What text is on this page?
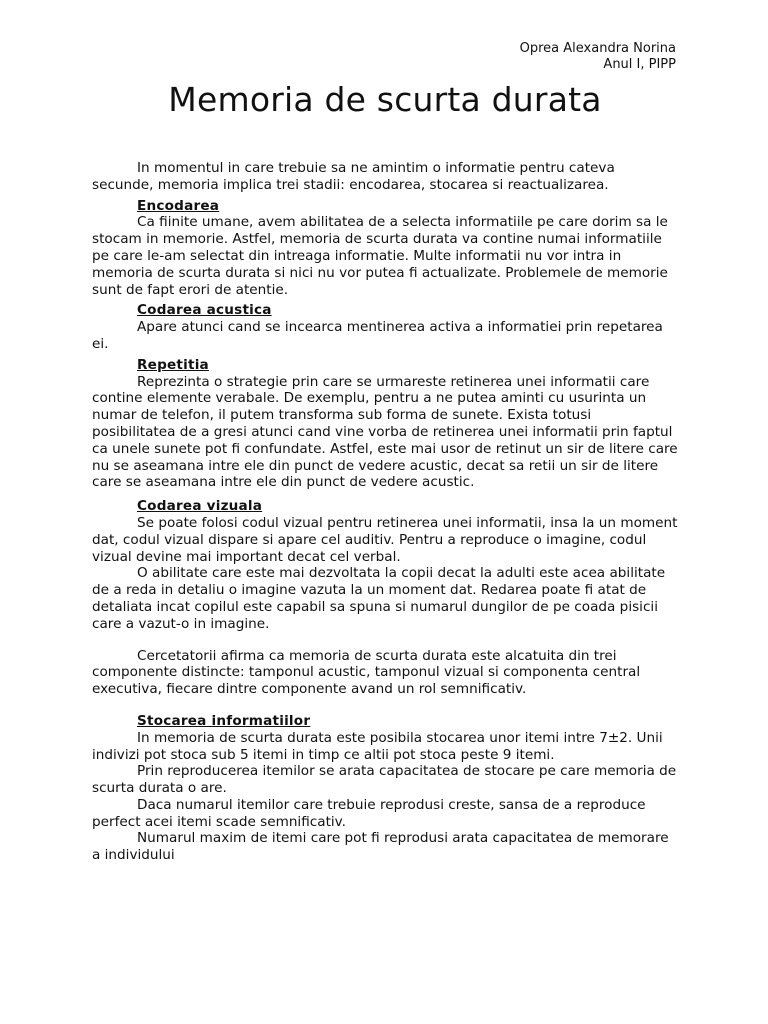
Oprea Alexandra Norina
Anul I, PIPP
Memoria de scurta durata

In momentul in care trebuie sa ne amintim o informatie pentru cateva secunde, memoria implica trei stadii: encodarea, stocarea si reactualizarea.

Encodarea

Ca fiinite umane, avem abilitatea de a selecta informatiile pe care dorim sa le stocam in memorie. Astfel, memoria de scurta durata va contine numai informatiile pe care le-am selectat din intreaga informatie. Multe informatii nu vor intra in memoria de scurta durata si nici nu vor putea fi actualizate. Problemele de memorie sunt de fapt erori de atentie.

Codarea acustica

Apare atunci cand se incearca mentinerea activa a informatiei prin repetarea ei.

Repetitia

Reprezinta o strategie prin care se urmareste retinerea unei informatii care contine elemente verabale. De exemplu, pentru a ne putea aminti cu usurinta un numar de telefon, il putem transforma sub forma de sunete. Exista totusi posibilitatea de a gresi atunci cand vine vorba de retinerea unei informatii prin faptul ca unele sunete pot fi confundate. Astfel, este mai usor de retinut un sir de litere care nu se aseamana intre ele din punct de vedere acustic, decat sa retii un sir de litere care se aseamana intre ele din punct de vedere acustic.

Codarea vizuala

Se poate folosi codul vizual pentru retinerea unei informatii, insa la un moment dat, codul vizual dispare si apare cel auditiv. Pentru a reproduce o imagine, codul vizual devine mai important decat cel verbal.

O abilitate care este mai dezvoltata la copii decat la adulti este acea abilitate de a reda in detaliu o imagine vazuta la un moment dat. Redarea poate fi atat de detaliata incat copilul este capabil sa spuna si numarul dungilor de pe coada pisicii care a vazut-o in imagine.

Cercetatorii afirma ca memoria de scurta durata este alcatuita din trei componente distincte: tamponul acustic, tamponul vizual si componenta central executiva, fiecare dintre componente avand un rol semnificativ.

Stocarea informatiilor

In memoria de scurta durata este posibila stocarea unor itemi intre 7±2. Unii indivizi pot stoca sub 5 itemi in timp ce altii pot stoca peste 9 itemi.

Prin reproducerea itemilor se arata capacitatea de stocare pe care memoria de scurta durata o are.

Daca numarul itemilor care trebuie reprodusi creste, sansa de a reproduce perfect acei itemi scade semnificativ.

Numarul maxim de itemi care pot fi reprodusi arata capacitatea de memorare a individului
